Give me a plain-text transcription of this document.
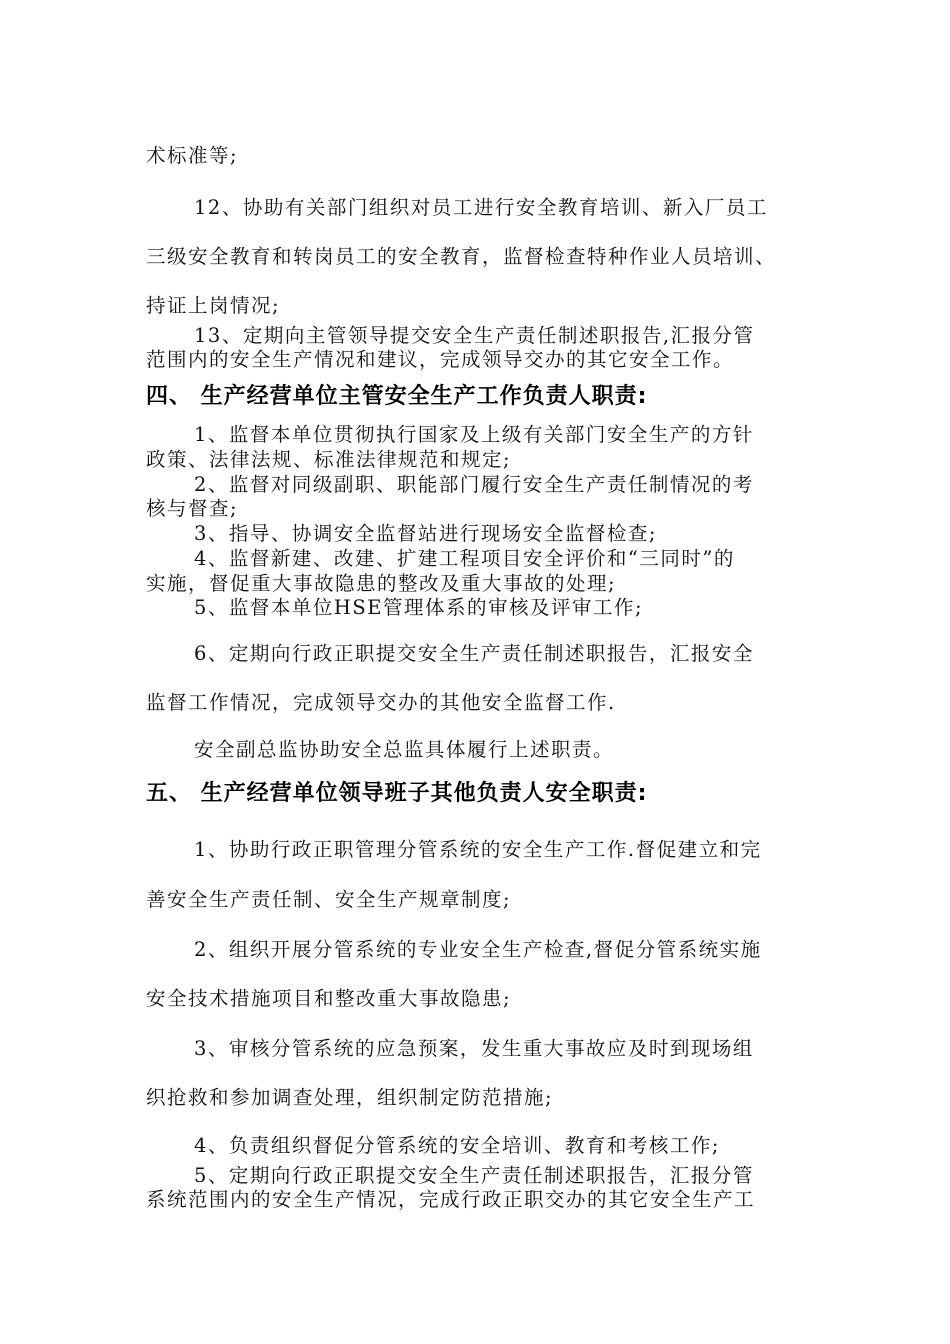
术标准等;
12、协助有关部门组织对员工进行安全教育培训、新入厂员工
三级安全教育和转岗员工的安全教育，监督检查特种作业人员培训、
持证上岗情况;
13、定期向主管领导提交安全生产责任制述职报告,汇报分管
范围内的安全生产情况和建议，完成领导交办的其它安全工作。
四、 生产经营单位主管安全生产工作负责人职责:
1、监督本单位贯彻执行国家及上级有关部门安全生产的方针
政策、法律法规、标准法律规范和规定;
2、监督对同级副职、职能部门履行安全生产责任制情况的考
核与督查;
3、指导、协调安全监督站进行现场安全监督检查;
4、监督新建、改建、扩建工程项目安全评价和“三同时”的
实施，督促重大事故隐患的整改及重大事故的处理;
5、监督本单位HSE管理体系的审核及评审工作;
6、定期向行政正职提交安全生产责任制述职报告，汇报安全
监督工作情况，完成领导交办的其他安全监督工作.
安全副总监协助安全总监具体履行上述职责。
五、 生产经营单位领导班子其他负责人安全职责:
1、协助行政正职管理分管系统的安全生产工作.督促建立和完
善安全生产责任制、安全生产规章制度;
2、组织开展分管系统的专业安全生产检查,督促分管系统实施
安全技术措施项目和整改重大事故隐患;
3、审核分管系统的应急预案，发生重大事故应及时到现场组
织抢救和参加调查处理，组织制定防范措施;
4、负责组织督促分管系统的安全培训、教育和考核工作;
5、定期向行政正职提交安全生产责任制述职报告，汇报分管
系统范围内的安全生产情况，完成行政正职交办的其它安全生产工
